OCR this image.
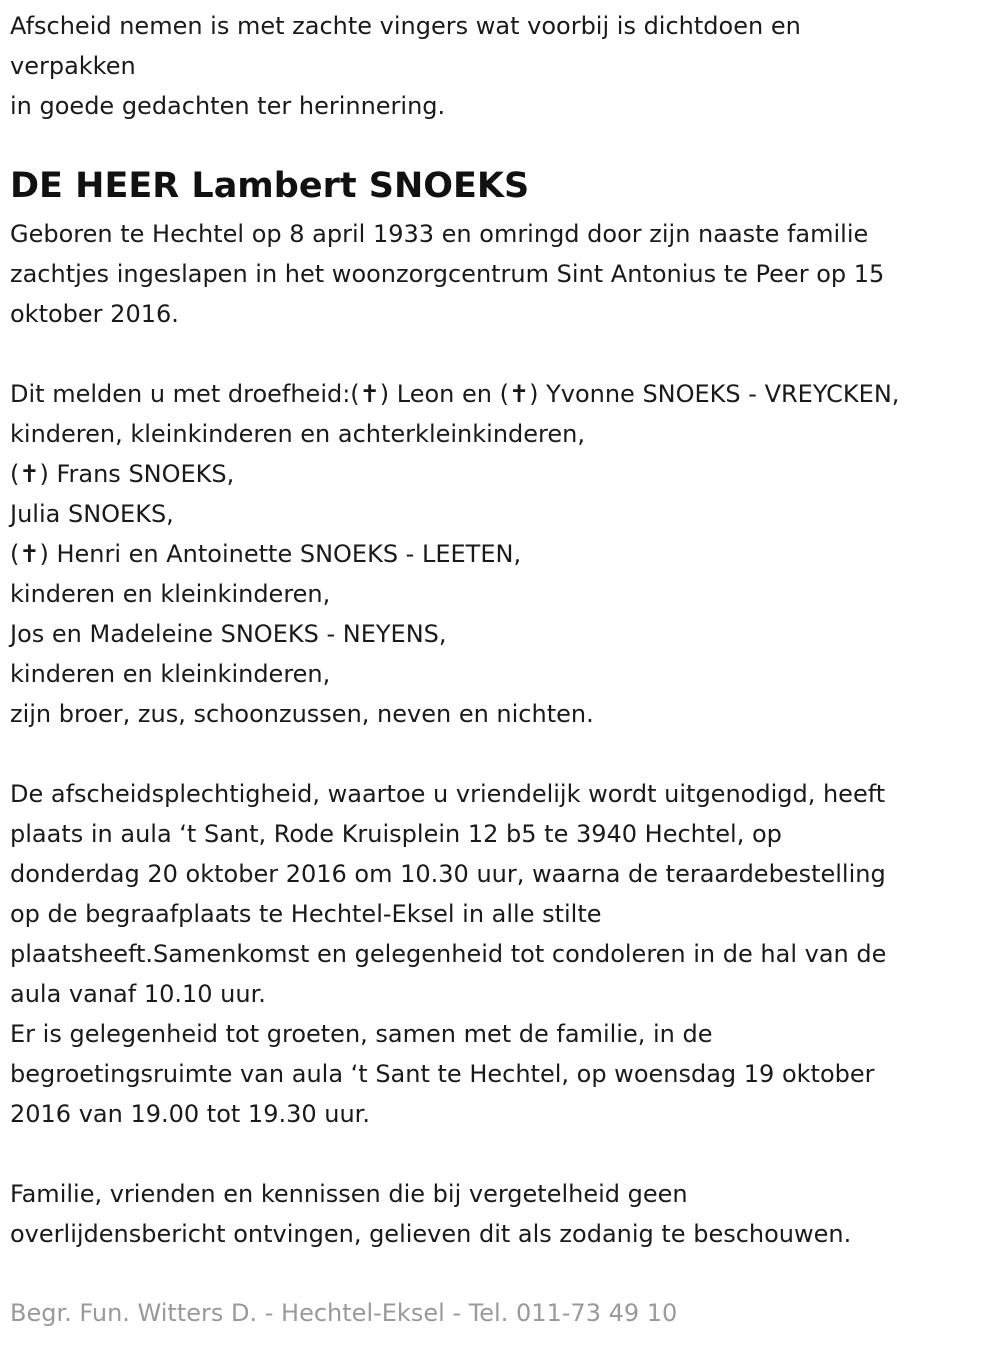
Afscheid nemen is met zachte vingers wat voorbij is dichtdoen en
verpakken
in goede gedachten ter herinnering.
DE HEER Lambert SNOEKS
Geboren te Hechtel op 8 april 1933 en omringd door zijn naaste familie
zachtjes ingeslapen in het woonzorgcentrum Sint Antonius te Peer op 15
oktober 2016.
Dit melden u met droefheid:(✝) Leon en (✝) Yvonne SNOEKS - VREYCKEN,
kinderen, kleinkinderen en achterkleinkinderen,
(✝) Frans SNOEKS,
Julia SNOEKS,
(✝) Henri en Antoinette SNOEKS - LEETEN,
kinderen en kleinkinderen,
Jos en Madeleine SNOEKS - NEYENS,
kinderen en kleinkinderen,
zijn broer, zus, schoonzussen, neven en nichten.
De afscheidsplechtigheid, waartoe u vriendelijk wordt uitgenodigd, heeft
plaats in aula ‘t Sant, Rode Kruisplein 12 b5 te 3940 Hechtel, op
donderdag 20 oktober 2016 om 10.30 uur, waarna de teraardebestelling
op de begraafplaats te Hechtel-Eksel in alle stilte
plaatsheeft.Samenkomst en gelegenheid tot condoleren in de hal van de
aula vanaf 10.10 uur.
Er is gelegenheid tot groeten, samen met de familie, in de
begroetingsruimte van aula ‘t Sant te Hechtel, op woensdag 19 oktober
2016 van 19.00 tot 19.30 uur.
Familie, vrienden en kennissen die bij vergetelheid geen
overlijdensbericht ontvingen, gelieven dit als zodanig te beschouwen.
Begr. Fun. Witters D. - Hechtel-Eksel - Tel. 011-73 49 10
